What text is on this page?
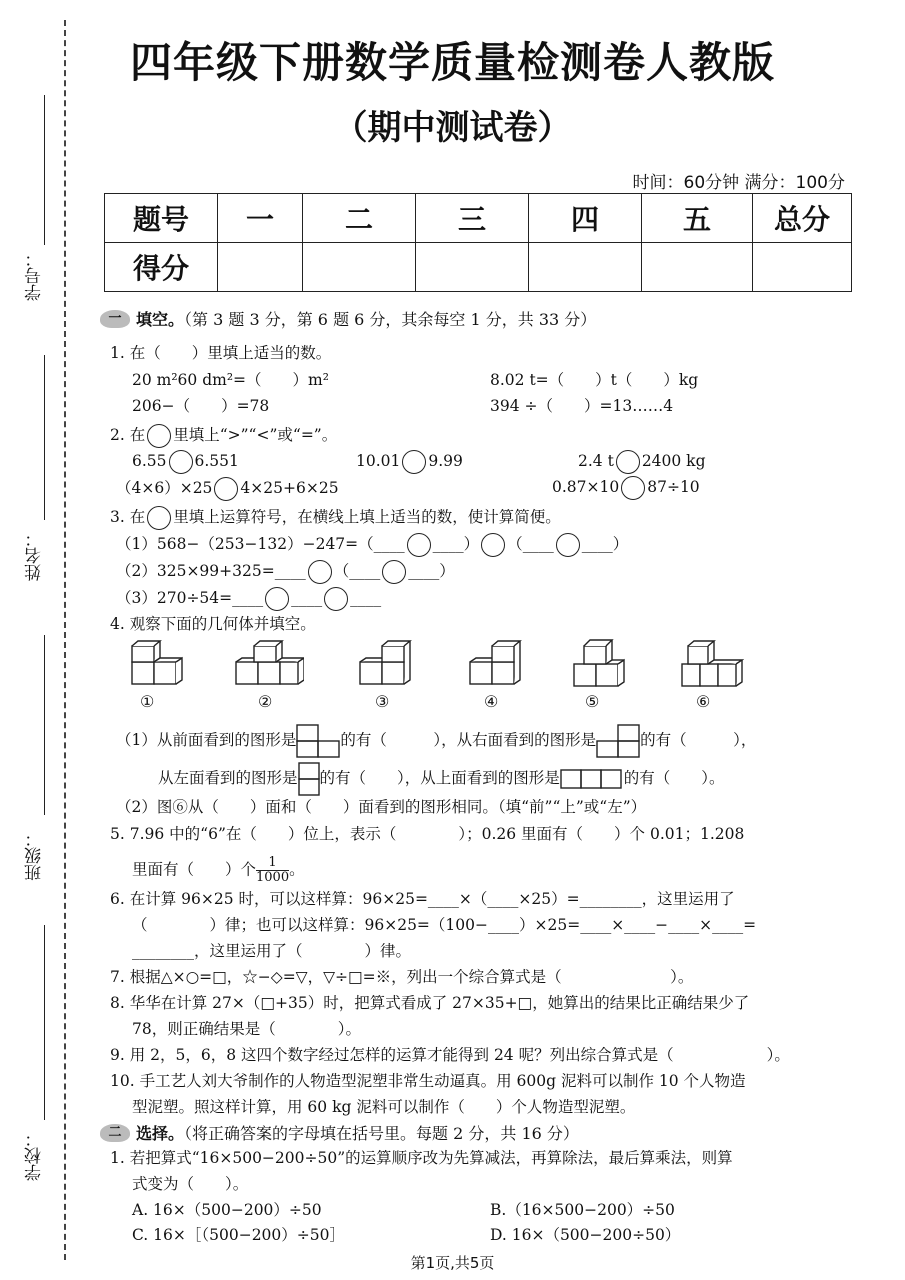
学号：
姓名：
班级：
学校：
四年级下册数学质量检测卷人教版
（期中测试卷）
时间：60分钟 满分：100分
题号	一	二	三	四	五	总分
得分						
一 填空。（第 3 题 3 分，第 6 题 6 分，其余每空 1 分，共 33 分）
1. 在（　　）里填上适当的数。
20 m²60 dm²=（　　）m²	8.02 t=（　　）t（　　）kg
206−（　　）=78	394 ÷（　　）=13……4
2. 在 里填上“>”“<”或“=”。
6.55 6.551	10.01 9.99	2.4 t 2400 kg
（4×6）×25 4×25+6×25	0.87×10 87÷10
3. 在 里填上运算符号，在横线上填上适当的数，使计算简便。
（1）568−（253−132）−247=（____ ____） （____ ____）
（2）325×99+325=____ （____ ____）
（3）270÷54=____ ____ ____
4. 观察下面的几何体并填空。
①	②	③	④	⑤	⑥
（1）从前面看到的图形是	的有（　　　），从右面看到的图形是	的有（　　　），
从左面看到的图形是 的有（　　），从上面看到的图形是	的有（　　）。
（2）图⑥从（　　）面和（　　）面看到的图形相同。（填“前”“上”或“左”）
5. 7.96 中的“6”在（　　）位上，表示（　　　　）；0.26 里面有（　　）个 0.01；1.208
里面有（　　）个 $\frac{1}{1000}$ 。
6. 在计算 96×25 时，可以这样算：96×25=____×（____×25）=________，这里运用了
（　　　　）律；也可以这样算：96×25=（100−____）×25=____×____−____×____=
________，这里运用了（　　　　）律。
7. 根据△×○=□，☆−◇=▽，▽÷□=※，列出一个综合算式是（　　　　　　　）。
8. 华华在计算 27×（□+35）时，把算式看成了 27×35+□，她算出的结果比正确结果少了
78，则正确结果是（　　　　）。
9. 用 2，5，6，8 这四个数字经过怎样的运算才能得到 24 呢？列出综合算式是（　　　　　　）。
10. 手工艺人刘大爷制作的人物造型泥塑非常生动逼真。用 600g 泥料可以制作 10 个人物造
型泥塑。照这样计算，用 60 kg 泥料可以制作（　　）个人物造型泥塑。
二 选择。（将正确答案的字母填在括号里。每题 2 分，共 16 分）
1. 若把算式“16×500−200÷50”的运算顺序改为先算减法，再算除法，最后算乘法，则算
式变为（　　）。
A. 16×（500−200）÷50	B.（16×500−200）÷50
C. 16×［（500−200）÷50］	D. 16×（500−200÷50）
第1页,共5页
